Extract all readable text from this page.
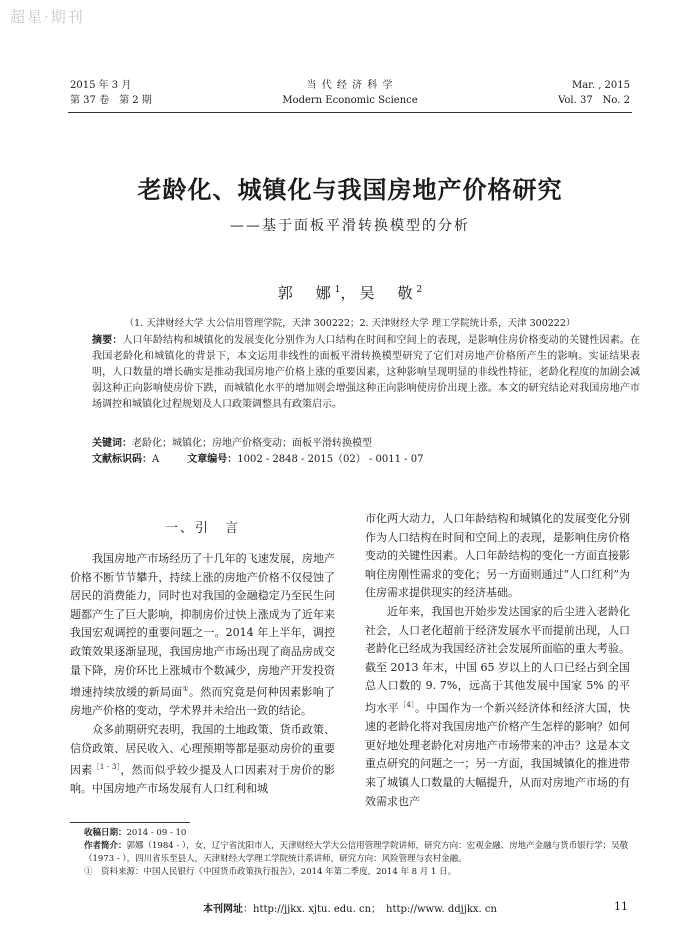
超星·期刊
2015 年 3 月
第 37 卷　第 2 期
当 代 经 济 科 学
Modern Economic Science
Mar. , 2015
Vol. 37　No. 2
老龄化、城镇化与我国房地产价格研究
——基于面板平滑转换模型的分析
郭　娜$^1$，吴　敬$^2$
（1. 天津财经大学 大公信用管理学院，天津 300222；2. 天津财经大学 理工学院统计系，天津 300222）
摘要：人口年龄结构和城镇化的发展变化分别作为人口结构在时间和空间上的表现，是影响住房价格变动的关键性因素。在我国老龄化和城镇化的背景下，本文运用非线性的面板平滑转换模型研究了它们对房地产价格所产生的影响。实证结果表明，人口数量的增长确实是推动我国房地产价格上涨的重要因素，这种影响呈现明显的非线性特征，老龄化程度的加剧会减弱这种正向影响使房价下跌，而城镇化水平的增加则会增强这种正向影响使房价出现上涨。本文的研究结论对我国房地产市场调控和城镇化过程规划及人口政策调整具有政策启示。
关键词：老龄化；城镇化；房地产价格变动；面板平滑转换模型
文献标识码：A	文章编号：1002 - 2848 - 2015（02） - 0011 - 07
一、引　言

我国房地产市场经历了十几年的飞速发展，房地产价格不断节节攀升，持续上涨的房地产价格不仅侵蚀了居民的消费能力，同时也对我国的金融稳定乃至民生问题都产生了巨大影响，抑制房价过快上涨成为了近年来我国宏观调控的重要问题之一。2014 年上半年，调控政策效果逐渐显现，我国房地产市场出现了商品房成交量下降，房价环比上涨城市个数减少，房地产开发投资增速持续放缓的新局面①。然而究竟是何种因素影响了房地产价格的变动，学术界并未给出一致的结论。

众多前期研究表明，我国的土地政策、货币政策、信贷政策、居民收入、心理预期等都是驱动房价的重要因素$^{[1 - 3]}$，然而似乎较少提及人口因素对于房价的影响。中国房地产市场发展有人口红利和城

市化两大动力，人口年龄结构和城镇化的发展变化分别作为人口结构在时间和空间上的表现，是影响住房价格变动的关键性因素。人口年龄结构的变化一方面直接影响住房刚性需求的变化；另一方面则通过“人口红利”为住房需求提供现实的经济基础。

近年来，我国也开始步发达国家的后尘进入老龄化社会，人口老化超前于经济发展水平而提前出现，人口老龄化已经成为我国经济社会发展所面临的重大考验。截至 2013 年末，中国 65 岁以上的人口已经占到全国总人口数的 9. 7%，远高于其他发展中国家 5% 的平均水平$^{[4]}$。中国作为一个新兴经济体和经济大国，快速的老龄化将对我国房地产价格产生怎样的影响？如何更好地处理老龄化对房地产市场带来的冲击？这是本文重点研究的问题之一；另一方面，我国城镇化的推进带来了城镇人口数量的大幅提升，从而对房地产市场的有效需求也产

收稿日期：2014 - 09 - 10
作者简介：郭娜（1984 - ），女，辽宁省沈阳市人，天津财经大学大公信用管理学院讲师，研究方向：宏观金融、房地产金融与货币银行学；吴敬（1973 - ），四川省乐至县人，天津财经大学理工学院统计系讲师，研究方向：风险管理与农村金融。
①　 资料来源：中国人民银行《中国货币政策执行报告》，2014 年第二季度，2014 年 8 月 1 日。
本刊网址：http://jjkx. xjtu. edu. cn；　http://www. ddjjkx. cn	11
